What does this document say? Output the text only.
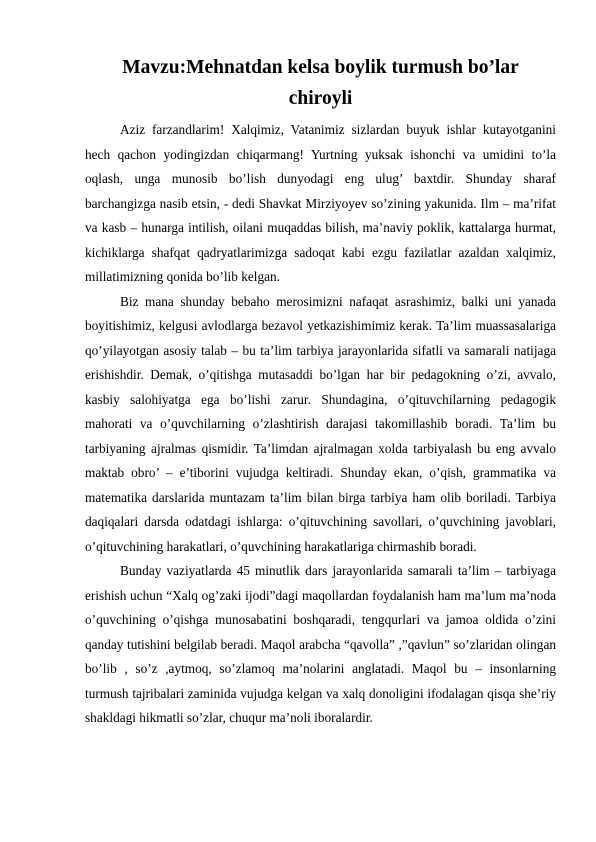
Mavzu:Mehnatdan kelsa boylik turmush bo’lar
chiroyli

Aziz farzandlarim! Xalqimiz, Vatanimiz sizlardan buyuk ishlar kutayotganini hech qachon yodingizdan chiqarmang! Yurtning yuksak ishonchi va umidini to’la oqlash, unga munosib bo’lish dunyodagi eng ulug’ baxtdir. Shunday sharaf barchangizga nasib etsin, - dedi Shavkat Mirziyoyev so’zining yakunida. Ilm – ma’rifat va kasb – hunarga intilish, oilani muqaddas bilish, ma’naviy poklik, kattalarga hurmat, kichiklarga shafqat qadryatlarimizga sadoqat kabi ezgu fazilatlar azaldan xalqimiz, millatimizning qonida bo’lib kelgan.

Biz mana shunday bebaho merosimizni nafaqat asrashimiz, balki uni yanada boyitishimiz, kelgusi avlodlarga bezavol yetkazishimimiz kerak. Ta’lim muassasalariga qo’yilayotgan asosiy talab – bu ta’lim tarbiya jarayonlarida sifatli va samarali natijaga erishishdir. Demak, o’qitishga mutasaddi bo’lgan har bir pedagokning o’zi, avvalo, kasbiy salohiyatga ega bo’lishi zarur. Shundagina, o’qituvchilarning pedagogik mahorati va o’quvchilarning o’zlashtirish darajasi takomillashib boradi. Ta’lim bu tarbiyaning ajralmas qismidir. Ta’limdan ajralmagan xolda tarbiyalash bu eng avvalo maktab obro’ – e’tiborini vujudga keltiradi. Shunday ekan, o’qish, grammatika va matematika darslarida muntazam ta’lim bilan birga tarbiya ham olib boriladi. Tarbiya daqiqalari darsda odatdagi ishlarga: o’qituvchining savollari, o’quvchining javoblari, o’qituvchining harakatlari, o’quvchining harakatlariga chirmashib boradi.

Bunday vaziyatlarda 45 minutlik dars jarayonlarida samarali ta’lim – tarbiyaga erishish uchun “Xalq og’zaki ijodi”dagi maqollardan foydalanish ham ma’lum ma’noda o’quvchining o’qishga munosabatini boshqaradi, tengqurlari va jamoa oldida o’zini qanday tutishini belgilab beradi. Maqol arabcha “qavolla” ,”qavlun” so’zlaridan olingan bo’lib , so’z ,aytmoq, so’zlamoq ma’nolarini anglatadi. Maqol bu – insonlarning turmush tajribalari zaminida vujudga kelgan va xalq donoligini ifodalagan qisqa she’riy shakldagi hikmatli so’zlar, chuqur ma’noli iboralardir.
